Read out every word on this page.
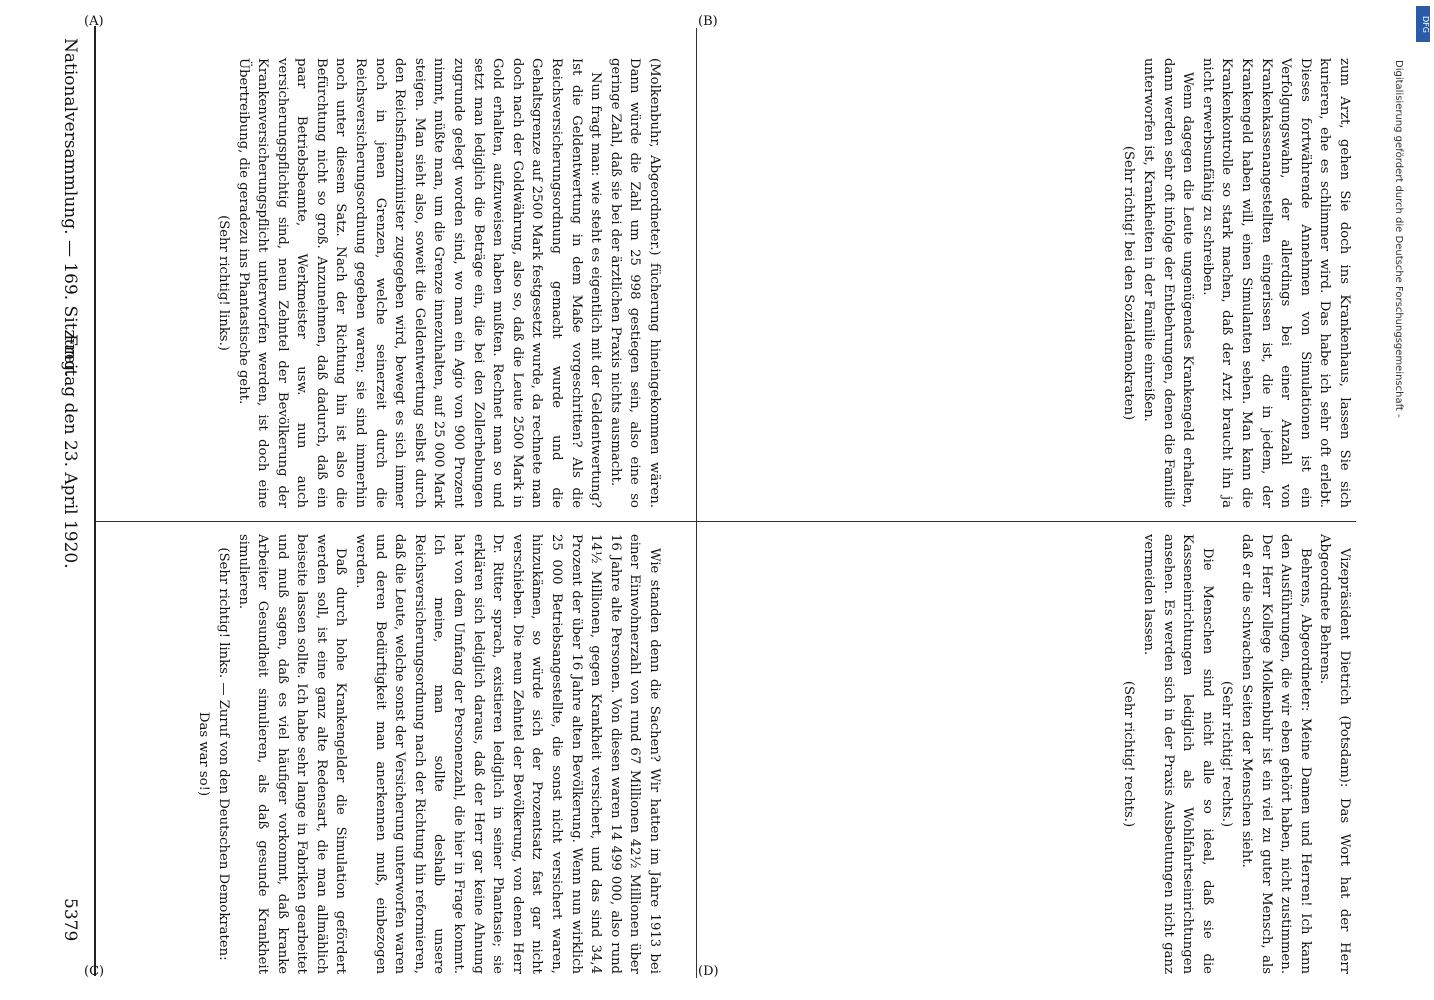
Nationalversammlung. — 169. Sitzung.
Freitag den 23. April 1920.
5379

(Molkenbuhr, Abgeordneter.) fücherung hineingekommen wären. Dann würde die Zahl um 25 998 gestiegen sein, also eine so geringe Zahl, daß sie bei der ärztlichen Praxis nichts ausmacht.

Nun fragt man: wie steht es eigentlich mit der Geldentwertung? Ist die Geldentwertung in dem Maße vorgeschritten? Als die Reichsversicherungsordnung gemacht wurde und die Gehaltsgrenze auf 2500 Mark festgesetzt wurde, da rechnete man doch nach der Goldwährung, also so, daß die Leute 2500 Mark in Gold erhalten, aufzuweisen haben mußten. Rechnet man so und setzt man lediglich die Beträge ein, die bei den Zollerhebungen zugrunde gelegt worden sind, wo man ein Agio von 900 Prozent nimmt, müßte man, um die Grenze innezuhalten, auf 25 000 Mark steigen. Man sieht also, soweit die Geldentwertung selbst durch den Reichsfinanzminister zugegeben wird, bewegt es sich immer noch in jenen Grenzen, welche seinerzeit durch die Reichsversicherungsordnung gegeben waren; sie sind immerhin noch unter diesem Satz. Nach der Richtung hin ist also die Befürchtung nicht so groß. Anzunehmen, daß dadurch, daß ein paar Betriebsbeamte, Werkmeister usw. nun auch versicherungspflichtig sind, neun Zehntel der Bevölkerung der Krankenversicherungspflicht unterworfen werden, ist doch eine Übertreibung, die geradezu ins Phantastische geht.

(Sehr richtig! links.)

Wie standen denn die Sachen? Wir hatten im Jahre 1913 bei einer Einwohnerzahl von rund 67 Millionen 42½ Millionen über 16 Jahre alte Personen. Von diesen waren 14 499 000, also rund 14½ Millionen, gegen Krankheit versichert, und das sind 34,4 Prozent der über 16 Jahre alten Bevölkerung. Wenn nun wirklich 25 000 Betriebsangestellte, die sonst nicht versichert waren, hinzukämen, so würde sich der Prozentsatz fast gar nicht verschieben. Die neun Zehntel der Bevölkerung, von denen Herr Dr. Ritter sprach, existieren lediglich in seiner Phantasie; sie erklären sich lediglich daraus, daß der Herr gar keine Ahnung hat von dem Umfang der Personenzahl, die hier in Frage kommt. Ich meine, man sollte deshalb unsere Reichsversicherungsordnung nach der Richtung hin reformieren, daß die Leute, welche sonst der Versicherung unterworfen waren und deren Bedürftigkeit man anerkennen muß, einbezogen werden.

Daß durch hohe Krankengelder die Simulation gefördert werden soll, ist eine ganz alte Redensart, die man allmählich beiseite lassen sollte. Ich habe sehr lange in Fabriken gearbeitet und muß sagen, daß es viel häufiger vorkommt, daß kranke Arbeiter Gesundheit simulieren, als daß gesunde Krankheit simulieren.

(Sehr richtig! links. — Zuruf von den Deutschen Demokraten: Das war so!)

zum Arzt, gehen Sie doch ins Krankenhaus, lassen Sie sich kurieren, ehe es schlimmer wird. Das habe ich sehr oft erlebt. Dieses fortwährende Annehmen von Simulationen ist ein Verfolgungswahn, der allerdings bei einer Anzahl von Krankenkassenangestellten eingerissen ist, die in jedem, der Krankengeld haben will, einen Simulanten sehen. Man kann die Krankenkontrolle so stark machen, daß der Arzt braucht ihn ja nicht erwerbsunfähig zu schreiben.

Wenn dagegen die Leute ungenügendes Krankengeld erhalten, dann werden sehr oft infolge der Entbehrungen, denen die Familie unterworfen ist, Krankheiten in der Familie einreißen.

(Sehr richtig! bei den Sozialdemokraten)

Vizepräsident Dietrich (Potsdam): Das Wort hat der Herr Abgeordnete Behrens.

Behrens, Abgeordneter: Meine Damen und Herren! Ich kann den Ausführungen, die wir eben gehört haben, nicht zustimmen. Der Herr Kollege Molkenbuhr ist ein viel zu guter Mensch, als daß er die schwachen Seiten der Menschen sieht.

(Sehr richtig! rechts.)

Die Menschen sind nicht alle so ideal, daß sie die Kasseneinrichtungen lediglich als Wohlfahrtseinrichtungen ansehen. Es werden sich in der Praxis Ausbeutungen nicht ganz vermeiden lassen.

(Sehr richtig! rechts.)

(A)	(B)
(C)	(D)
Digitalisierung gefördert durch die Deutsche Forschungsgemeinschaft -
DFG
